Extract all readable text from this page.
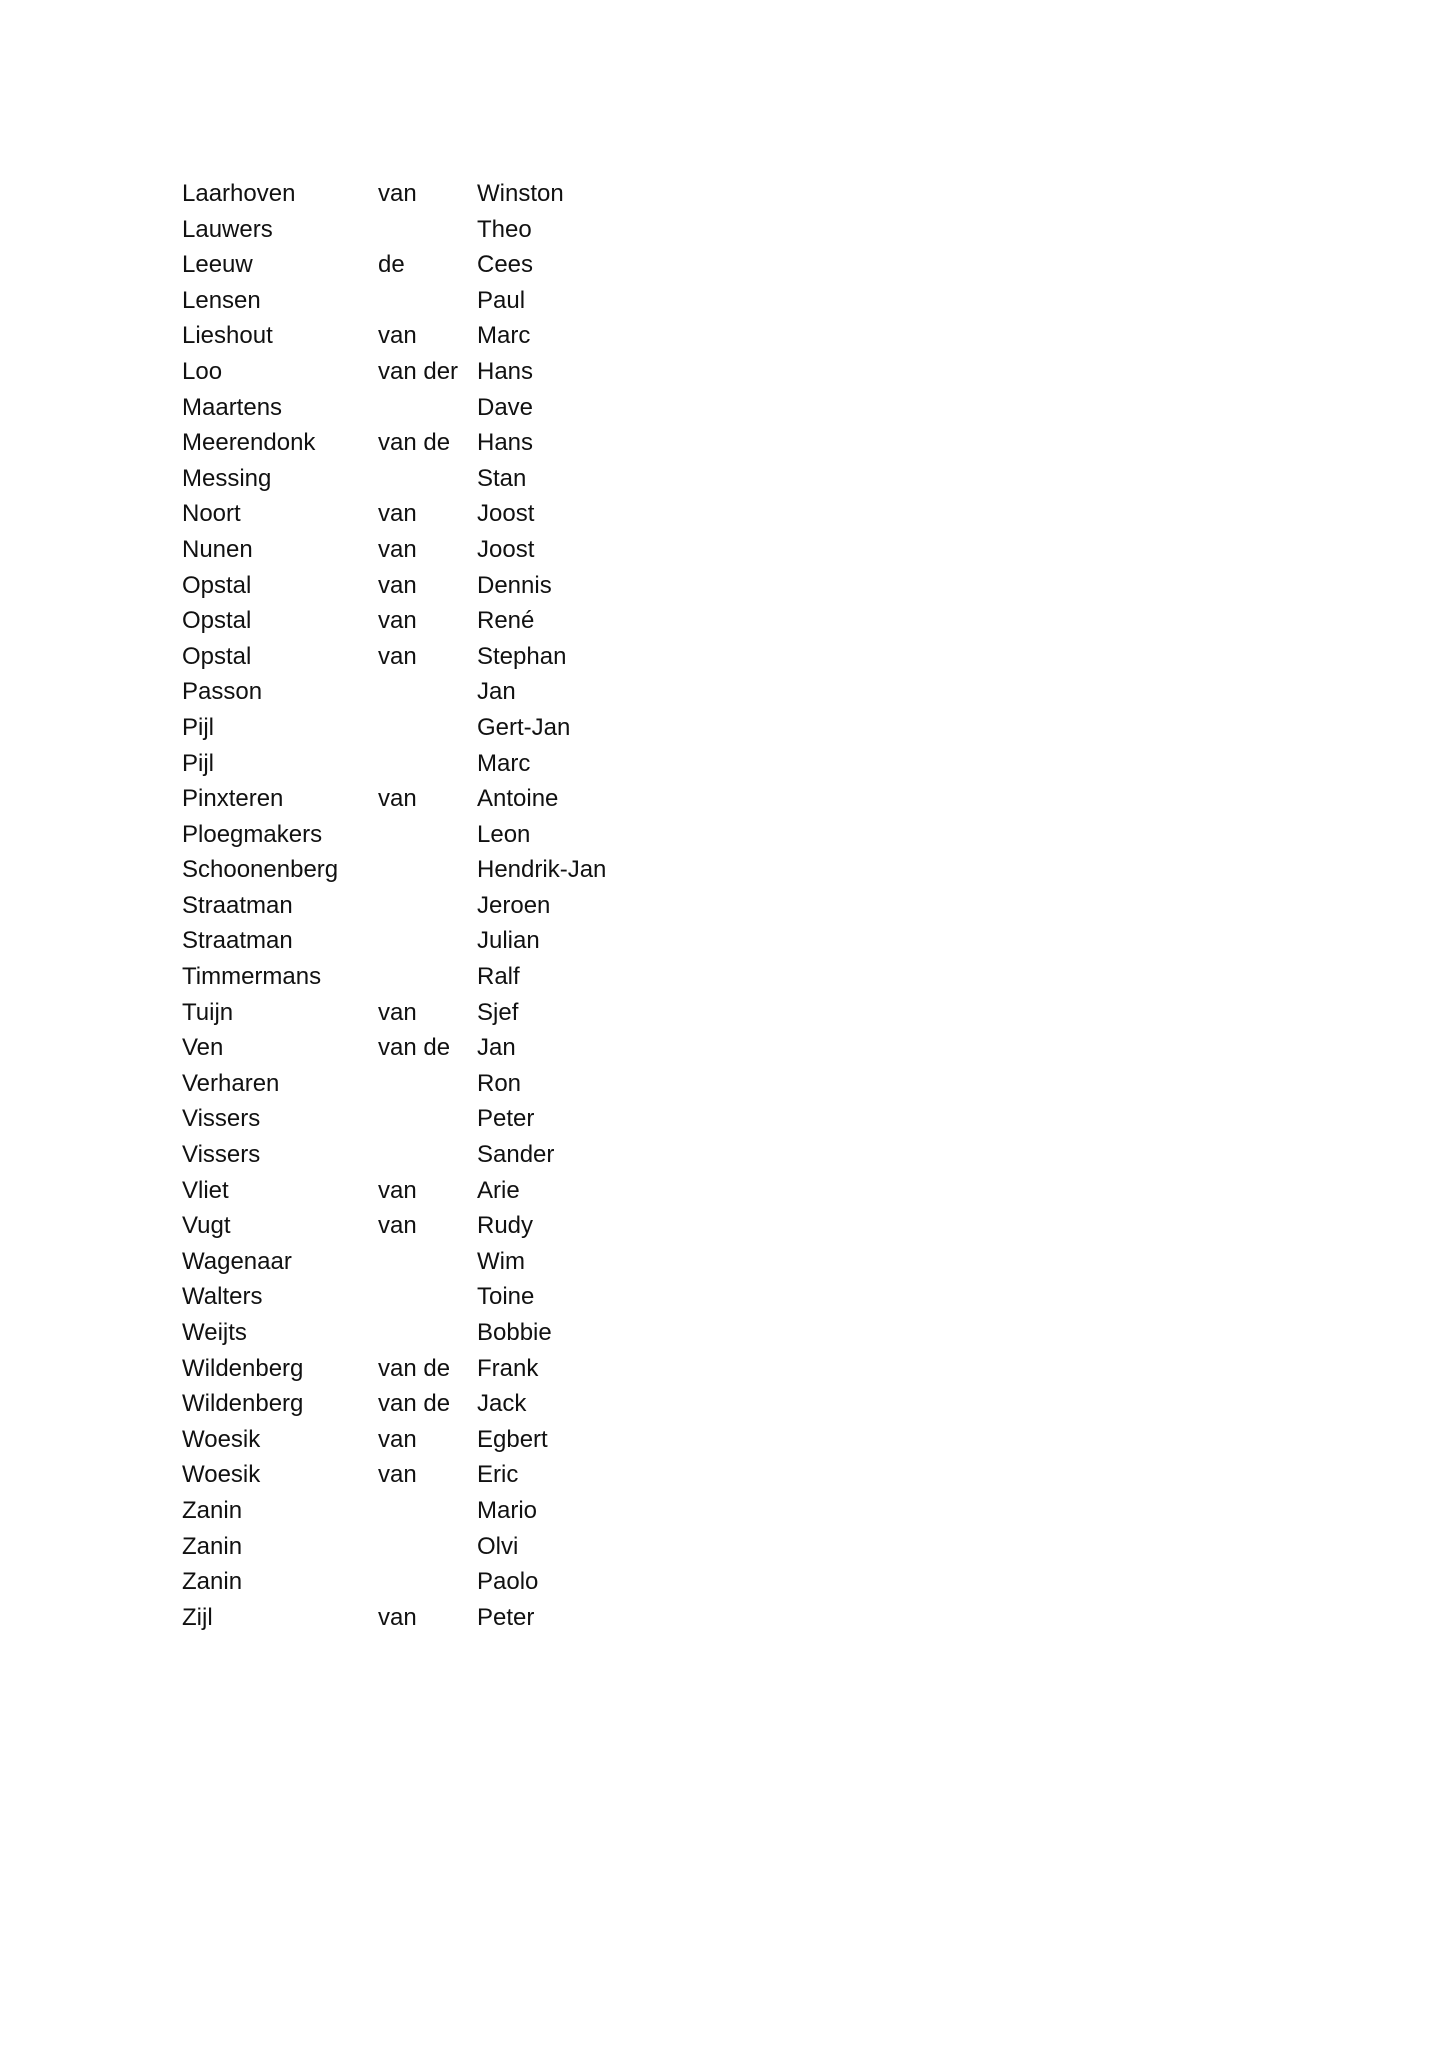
Laarhoven	van	Winston
Lauwers		Theo
Leeuw	de	Cees
Lensen		Paul
Lieshout	van	Marc
Loo	van der	Hans
Maartens		Dave
Meerendonk	van de	Hans
Messing		Stan
Noort	van	Joost
Nunen	van	Joost
Opstal	van	Dennis
Opstal	van	René
Opstal	van	Stephan
Passon		Jan
Pijl		Gert-Jan
Pijl		Marc
Pinxteren	van	Antoine
Ploegmakers		Leon
Schoonenberg		Hendrik-Jan
Straatman		Jeroen
Straatman		Julian
Timmermans		Ralf
Tuijn	van	Sjef
Ven	van de	Jan
Verharen		Ron
Vissers		Peter
Vissers		Sander
Vliet	van	Arie
Vugt	van	Rudy
Wagenaar		Wim
Walters		Toine
Weijts		Bobbie
Wildenberg	van de	Frank
Wildenberg	van de	Jack
Woesik	van	Egbert
Woesik	van	Eric
Zanin		Mario
Zanin		Olvi
Zanin		Paolo
Zijl	van	Peter
